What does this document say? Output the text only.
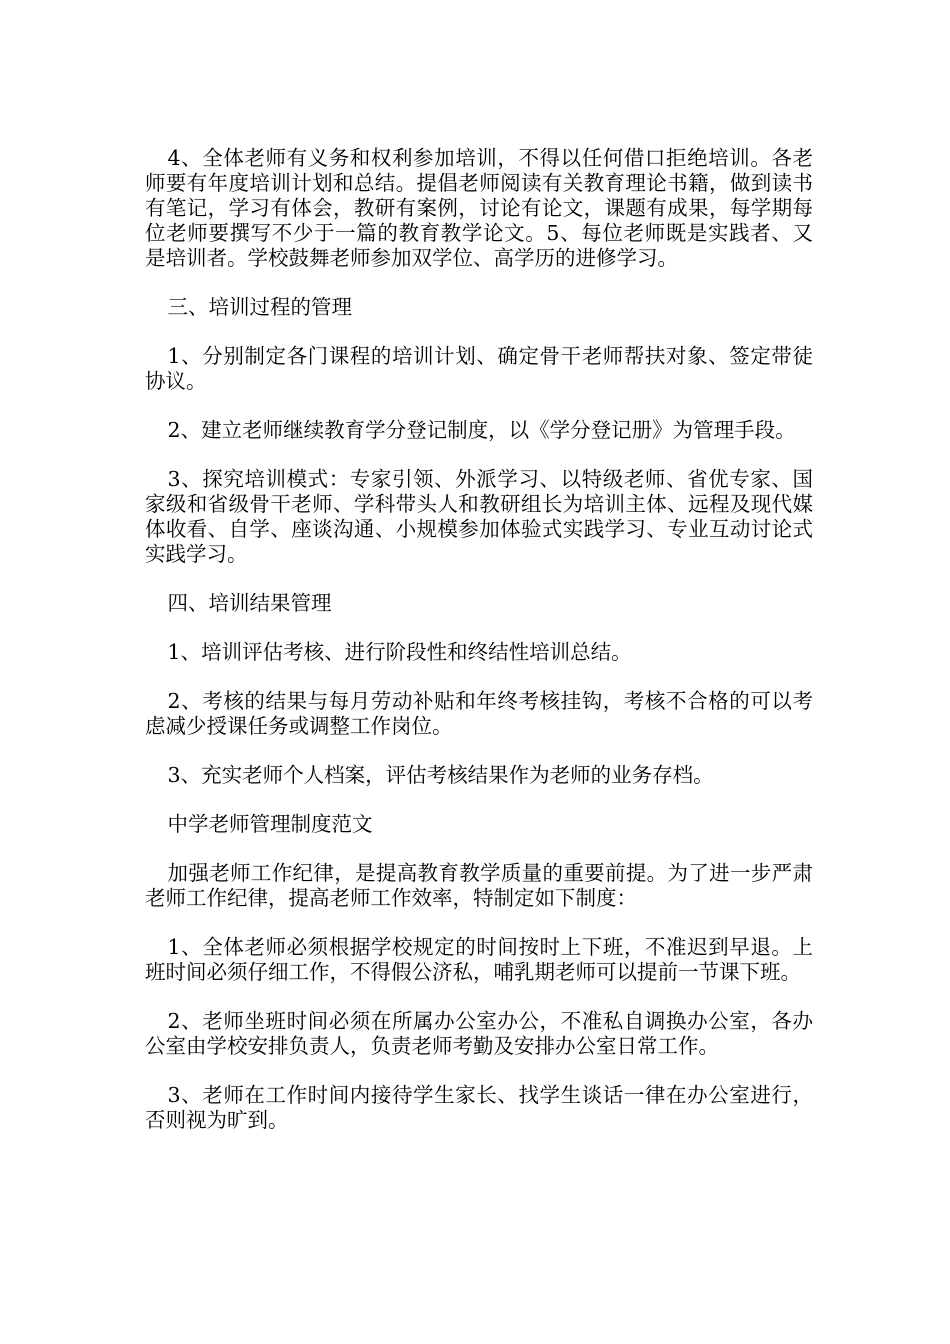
4、全体老师有义务和权利参加培训，不得以任何借口拒绝培训。各老师要有年度培训计划和总结。提倡老师阅读有关教育理论书籍，做到读书有笔记，学习有体会，教研有案例，讨论有论文，课题有成果，每学期每位老师要撰写不少于一篇的教育教学论文。5、每位老师既是实践者、又是培训者。学校鼓舞老师参加双学位、高学历的进修学习。

三、培训过程的管理

1、分别制定各门课程的培训计划、确定骨干老师帮扶对象、签定带徒协议。

2、建立老师继续教育学分登记制度，以《学分登记册》为管理手段。

3、探究培训模式：专家引领、外派学习、以特级老师、省优专家、国家级和省级骨干老师、学科带头人和教研组长为培训主体、远程及现代媒体收看、自学、座谈沟通、小规模参加体验式实践学习、专业互动讨论式实践学习。

四、培训结果管理

1、培训评估考核、进行阶段性和终结性培训总结。

2、考核的结果与每月劳动补贴和年终考核挂钩，考核不合格的可以考虑减少授课任务或调整工作岗位。

3、充实老师个人档案，评估考核结果作为老师的业务存档。

中学老师管理制度范文

加强老师工作纪律，是提高教育教学质量的重要前提。为了进一步严肃老师工作纪律，提高老师工作效率，特制定如下制度：

1、全体老师必须根据学校规定的时间按时上下班，不准迟到早退。上班时间必须仔细工作，不得假公济私，哺乳期老师可以提前一节课下班。

2、老师坐班时间必须在所属办公室办公，不准私自调换办公室，各办公室由学校安排负责人，负责老师考勤及安排办公室日常工作。

3、老师在工作时间内接待学生家长、找学生谈话一律在办公室进行，否则视为旷到。
